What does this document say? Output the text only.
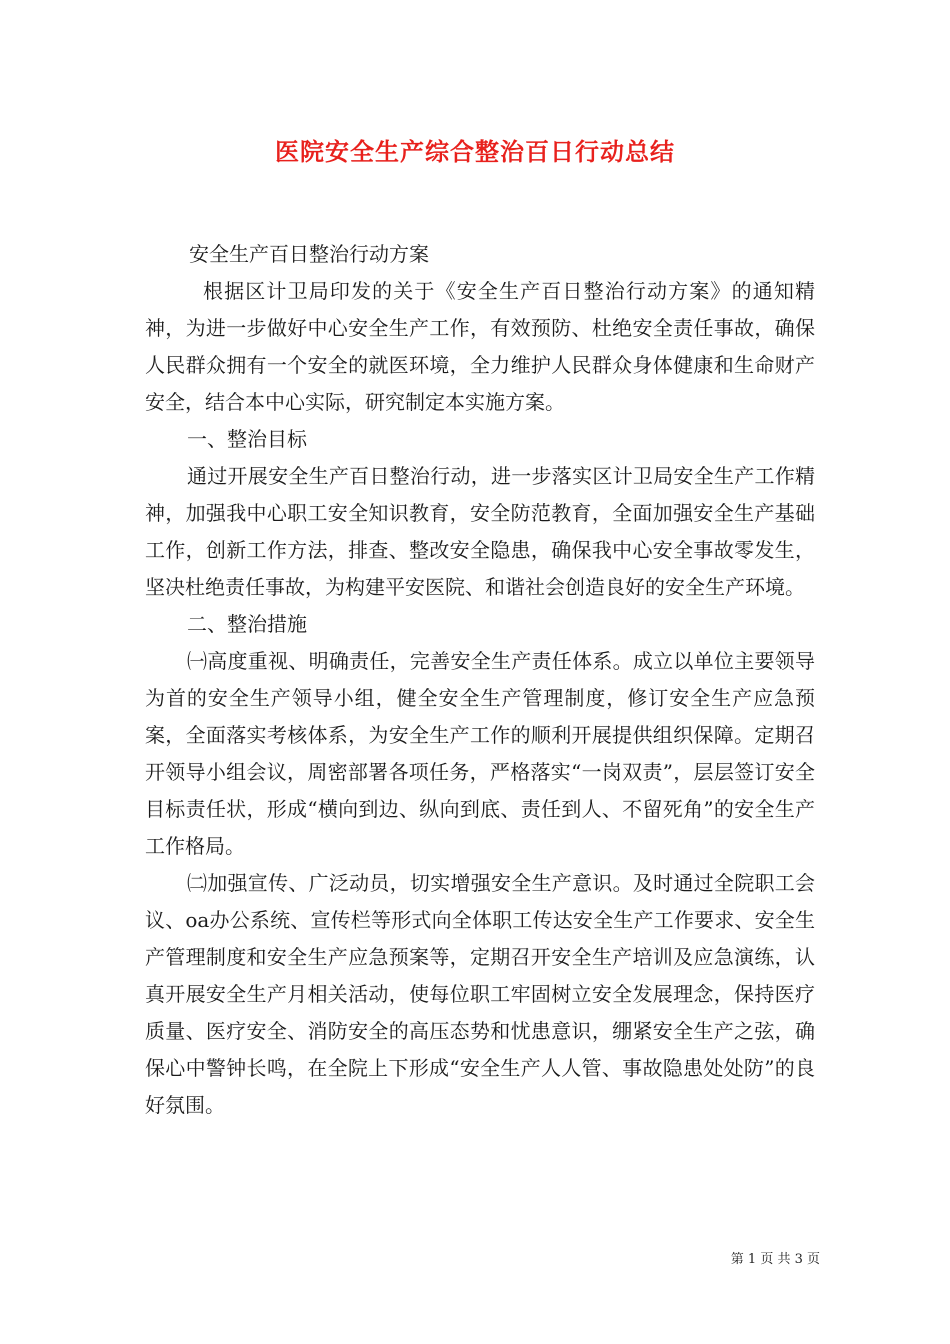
医院安全生产综合整治百日行动总结

安全生产百日整治行动方案

根据区计卫局印发的关于《安全生产百日整治行动方案》的通知精神，为进一步做好中心安全生产工作，有效预防、杜绝安全责任事故，确保人民群众拥有一个安全的就医环境，全力维护人民群众身体健康和生命财产安全，结合本中心实际，研究制定本实施方案。

一、整治目标

通过开展安全生产百日整治行动，进一步落实区计卫局安全生产工作精神，加强我中心职工安全知识教育，安全防范教育，全面加强安全生产基础工作，创新工作方法，排查、整改安全隐患，确保我中心安全事故零发生，坚决杜绝责任事故，为构建平安医院、和谐社会创造良好的安全生产环境。

二、整治措施

㈠高度重视、明确责任，完善安全生产责任体系。成立以单位主要领导为首的安全生产领导小组，健全安全生产管理制度，修订安全生产应急预案，全面落实考核体系，为安全生产工作的顺利开展提供组织保障。定期召开领导小组会议，周密部署各项任务，严格落实“一岗双责”，层层签订安全目标责任状，形成“横向到边、纵向到底、责任到人、不留死角”的安全生产工作格局。

㈡加强宣传、广泛动员，切实增强安全生产意识。及时通过全院职工会议、oa办公系统、宣传栏等形式向全体职工传达安全生产工作要求、安全生产管理制度和安全生产应急预案等，定期召开安全生产培训及应急演练，认真开展安全生产月相关活动，使每位职工牢固树立安全发展理念，保持医疗质量、医疗安全、消防安全的高压态势和忧患意识，绷紧安全生产之弦，确保心中警钟长鸣，在全院上下形成“安全生产人人管、事故隐患处处防”的良好氛围。

第 1 页 共 3 页
